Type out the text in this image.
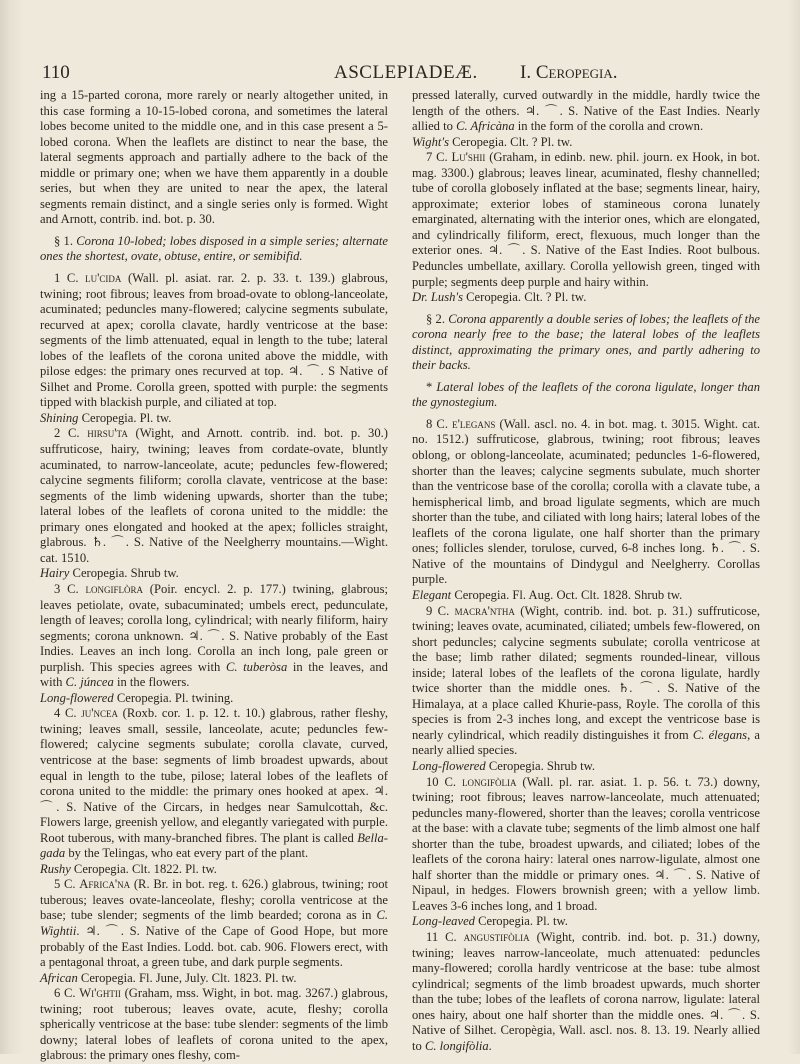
110	ASCLEPIADEÆ. I. Ceropegia.

ing a 15-parted corona, more rarely or nearly altogether united, in this case forming a 10-15-lobed corona, and sometimes the lateral lobes become united to the middle one, and in this case present a 5-lobed corona. When the leaflets are distinct to near the base, the lateral segments approach and partially adhere to the back of the middle or primary one; when we have them apparently in a double series, but when they are united to near the apex, the lateral segments remain distinct, and a single series only is formed. Wight and Arnott, contrib. ind. bot. p. 30.

§ 1. Corona 10-lobed; lobes disposed in a simple series; alternate ones the shortest, ovate, obtuse, entire, or semibifid.

1 C. lu'cida (Wall. pl. asiat. rar. 2. p. 33. t. 139.) glabrous, twining; root fibrous; leaves from broad-ovate to oblong-lanceolate, acuminated; peduncles many-flowered; calycine segments subulate, recurved at apex; corolla clavate, hardly ventricose at the base: segments of the limb attenuated, equal in length to the tube; lateral lobes of the leaflets of the corona united above the middle, with pilose edges: the primary ones recurved at top. ♃. ⌒. S Native of Silhet and Prome. Corolla green, spotted with purple: the segments tipped with blackish purple, and ciliated at top.

Shining Ceropegia. Pl. tw.

2 C. hirsu'ta (Wight, and Arnott. contrib. ind. bot. p. 30.) suffruticose, hairy, twining; leaves from cordate-ovate, bluntly acuminated, to narrow-lanceolate, acute; peduncles few-flowered; calycine segments filiform; corolla clavate, ventricose at the base: segments of the limb widening upwards, shorter than the tube; lateral lobes of the leaflets of corona united to the middle: the primary ones elongated and hooked at the apex; follicles straight, glabrous. ♄. ⌒. S. Native of the Neelgherry mountains.—Wight. cat. 1510.

Hairy Ceropegia. Shrub tw.

3 C. longiflòra (Poir. encycl. 2. p. 177.) twining, glabrous; leaves petiolate, ovate, subacuminated; umbels erect, pedunculate, length of leaves; corolla long, cylindrical; with nearly filiform, hairy segments; corona unknown. ♃. ⌒. S. Native probably of the East Indies. Leaves an inch long. Corolla an inch long, pale green or purplish. This species agrees with C. tuberòsa in the leaves, and with C. júncea in the flowers.

Long-flowered Ceropegia. Pl. twining.

4 C. ju'ncea (Roxb. cor. 1. p. 12. t. 10.) glabrous, rather fleshy, twining; leaves small, sessile, lanceolate, acute; peduncles few-flowered; calycine segments subulate; corolla clavate, curved, ventricose at the base: segments of limb broadest upwards, about equal in length to the tube, pilose; lateral lobes of the leaflets of corona united to the middle: the primary ones hooked at apex. ♃. ⌒. S. Native of the Circars, in hedges near Samulcottah, &c. Flowers large, greenish yellow, and elegantly variegated with purple. Root tuberous, with many-branched fibres. The plant is called Bella-gada by the Telingas, who eat every part of the plant.

Rushy Ceropegia. Clt. 1822. Pl. tw.

5 C. Africa'na (R. Br. in bot. reg. t. 626.) glabrous, twining; root tuberous; leaves ovate-lanceolate, fleshy; corolla ventricose at the base; tube slender; segments of the limb bearded; corona as in C. Wightii. ♃. ⌒. S. Native of the Cape of Good Hope, but more probably of the East Indies. Lodd. bot. cab. 906. Flowers erect, with a pentagonal throat, a green tube, and dark purple segments.

African Ceropegia. Fl. June, July. Clt. 1823. Pl. tw.

6 C. Wi'ghtii (Graham, mss. Wight, in bot. mag. 3267.) glabrous, twining; root tuberous; leaves ovate, acute, fleshy; corolla spherically ventricose at the base: tube slender: segments of the limb downy; lateral lobes of leaflets of corona united to the apex, glabrous: the primary ones fleshy, com-

pressed laterally, curved outwardly in the middle, hardly twice the length of the others. ♃. ⌒. S. Native of the East Indies. Nearly allied to C. Africàna in the form of the corolla and crown.

Wight's Ceropegia. Clt. ? Pl. tw.

7 C. Lu'shii (Graham, in edinb. new. phil. journ. ex Hook, in bot. mag. 3300.) glabrous; leaves linear, acuminated, fleshy channelled; tube of corolla globosely inflated at the base; segments linear, hairy, approximate; exterior lobes of staminеous corona lunately emarginated, alternating with the interior ones, which are elongated, and cylindrically filiform, erect, flexuous, much longer than the exterior ones. ♃. ⌒. S. Native of the East Indies. Root bulbous. Peduncles umbellate, axillary. Corolla yellowish green, tinged with purple; segments deep purple and hairy within.

Dr. Lush's Ceropegia. Clt. ? Pl. tw.

§ 2. Corona apparently a double series of lobes; the leaflets of the corona nearly free to the base; the lateral lobes of the leaflets distinct, approximating the primary ones, and partly adhering to their backs.

* Lateral lobes of the leaflets of the corona ligulate, longer than the gynostegium.

8 C. e'legans (Wall. ascl. no. 4. in bot. mag. t. 3015. Wight. cat. no. 1512.) suffruticose, glabrous, twining; root fibrous; leaves oblong, or oblong-lanceolate, acuminated; peduncles 1-6-flowered, shorter than the leaves; calycine segments subulate, much shorter than the ventricose base of the corolla; corolla with a clavate tube, a hemispherical limb, and broad ligulate segments, which are much shorter than the tube, and ciliated with long hairs; lateral lobes of the leaflets of the corona ligulate, one half shorter than the primary ones; follicles slender, torulose, curved, 6-8 inches long. ♄. ⌒. S. Native of the mountains of Dindygul and Neelgherry. Corollas purple.

Elegant Ceropegia. Fl. Aug. Oct. Clt. 1828. Shrub tw.

9 C. macra'ntha (Wight, contrib. ind. bot. p. 31.) suffruticose, twining; leaves ovate, acuminated, ciliated; umbels few-flowered, on short peduncles; calycine segments subulate; corolla ventricose at the base; limb rather dilated; segments rounded-linear, villous inside; lateral lobes of the leaflets of the corona ligulate, hardly twice shorter than the middle ones. ♄. ⌒. S. Native of the Himalaya, at a place called Khurie-pass, Royle. The corolla of this species is from 2-3 inches long, and except the ventricose base is nearly cylindrical, which readily distinguishes it from C. élegans, a nearly allied species.

Long-flowered Ceropegia. Shrub tw.

10 C. longifòlia (Wall. pl. rar. asiat. 1. p. 56. t. 73.) downy, twining; root fibrous; leaves narrow-lanceolate, much attenuated; peduncles many-flowered, shorter than the leaves; corolla ventricose at the base: with a clavate tube; segments of the limb almost one half shorter than the tube, broadest upwards, and ciliated; lobes of the leaflets of the corona hairy: lateral ones narrow-ligulate, almost one half shorter than the middle or primary ones. ♃. ⌒. S. Native of Nipaul, in hedges. Flowers brownish green; with a yellow limb. Leaves 3-6 inches long, and 1 broad.

Long-leaved Ceropegia. Pl. tw.

11 C. angustifòlia (Wight, contrib. ind. bot. p. 31.) downy, twining; leaves narrow-lanceolate, much attenuated: peduncles many-flowered; corolla hardly ventricose at the base: tube almost cylindrical; segments of the limb broadest upwards, much shorter than the tube; lobes of the leaflets of corona narrow, ligulate: lateral ones hairy, about one half shorter than the middle ones. ♃. ⌒. S. Native of Silhet. Ceropègia, Wall. ascl. nos. 8. 13. 19. Nearly allied to C. longifòlia.
